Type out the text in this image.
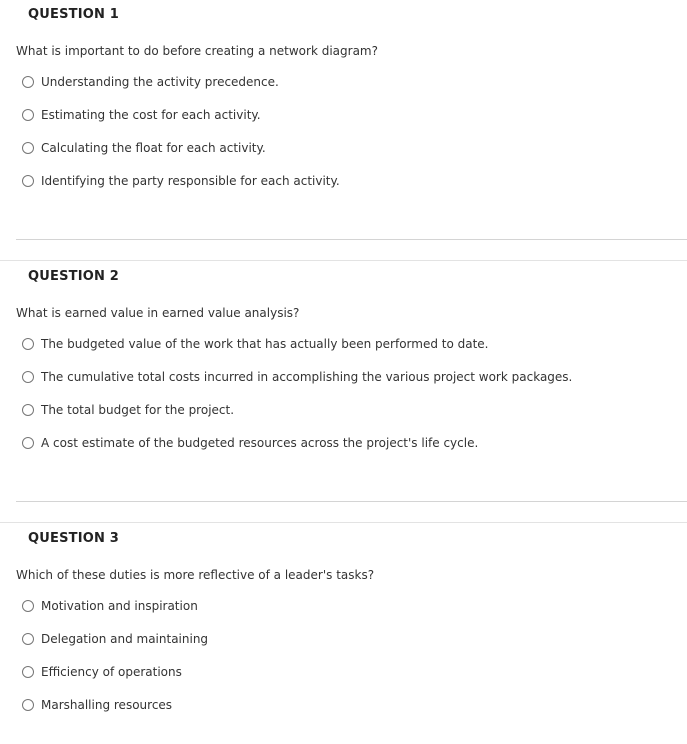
QUESTION 1
What is important to do before creating a network diagram?
Understanding the activity precedence.
Estimating the cost for each activity.
Calculating the float for each activity.
Identifying the party responsible for each activity.
QUESTION 2
What is earned value in earned value analysis?
The budgeted value of the work that has actually been performed to date.
The cumulative total costs incurred in accomplishing the various project work packages.
The total budget for the project.
A cost estimate of the budgeted resources across the project's life cycle.
QUESTION 3
Which of these duties is more reflective of a leader's tasks?
Motivation and inspiration
Delegation and maintaining
Efficiency of operations
Marshalling resources
